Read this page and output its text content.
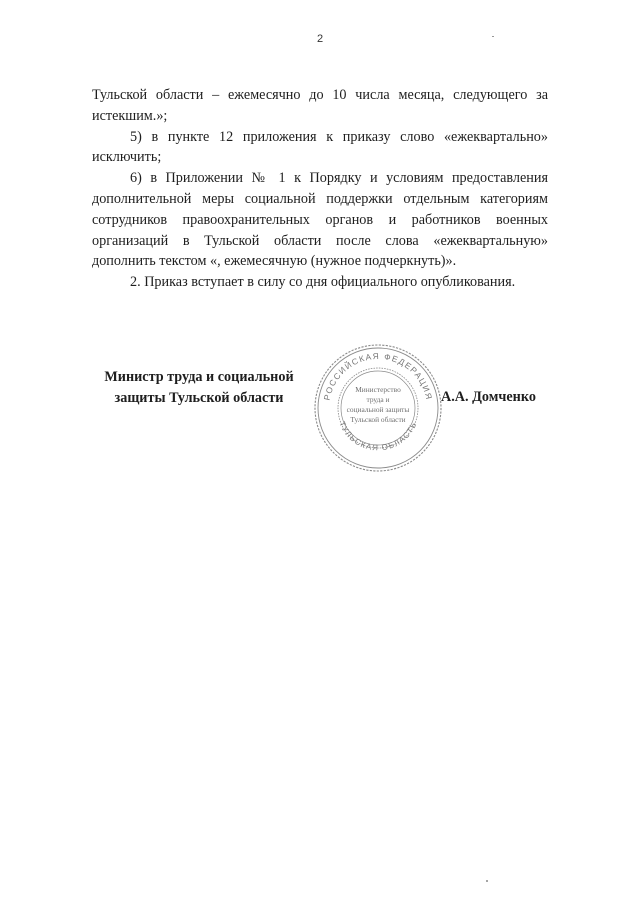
2

Тульской области – ежемесячно до 10 числа месяца, следующего за истекшим.»;

5) в пункте 12 приложения к приказу слово «ежеквартально» исключить;

6) в Приложении № 1 к Порядку и условиям предоставления дополнительной меры социальной поддержки отдельным категориям сотрудников правоохранительных органов и работников военных организаций в Тульской области после слова «ежеквартальную» дополнить текстом «, ежемесячную (нужное подчеркнуть)».

2. Приказ вступает в силу со дня официального опубликования.

Министр труда и социальной
защиты Тульской области	А.А. Домченко
РОССИЙСКАЯ ФЕДЕРАЦИЯ
ТУЛЬСКАЯ ОБЛАСТЬ
Министерство
труда и
социальной защиты
Тульской области
